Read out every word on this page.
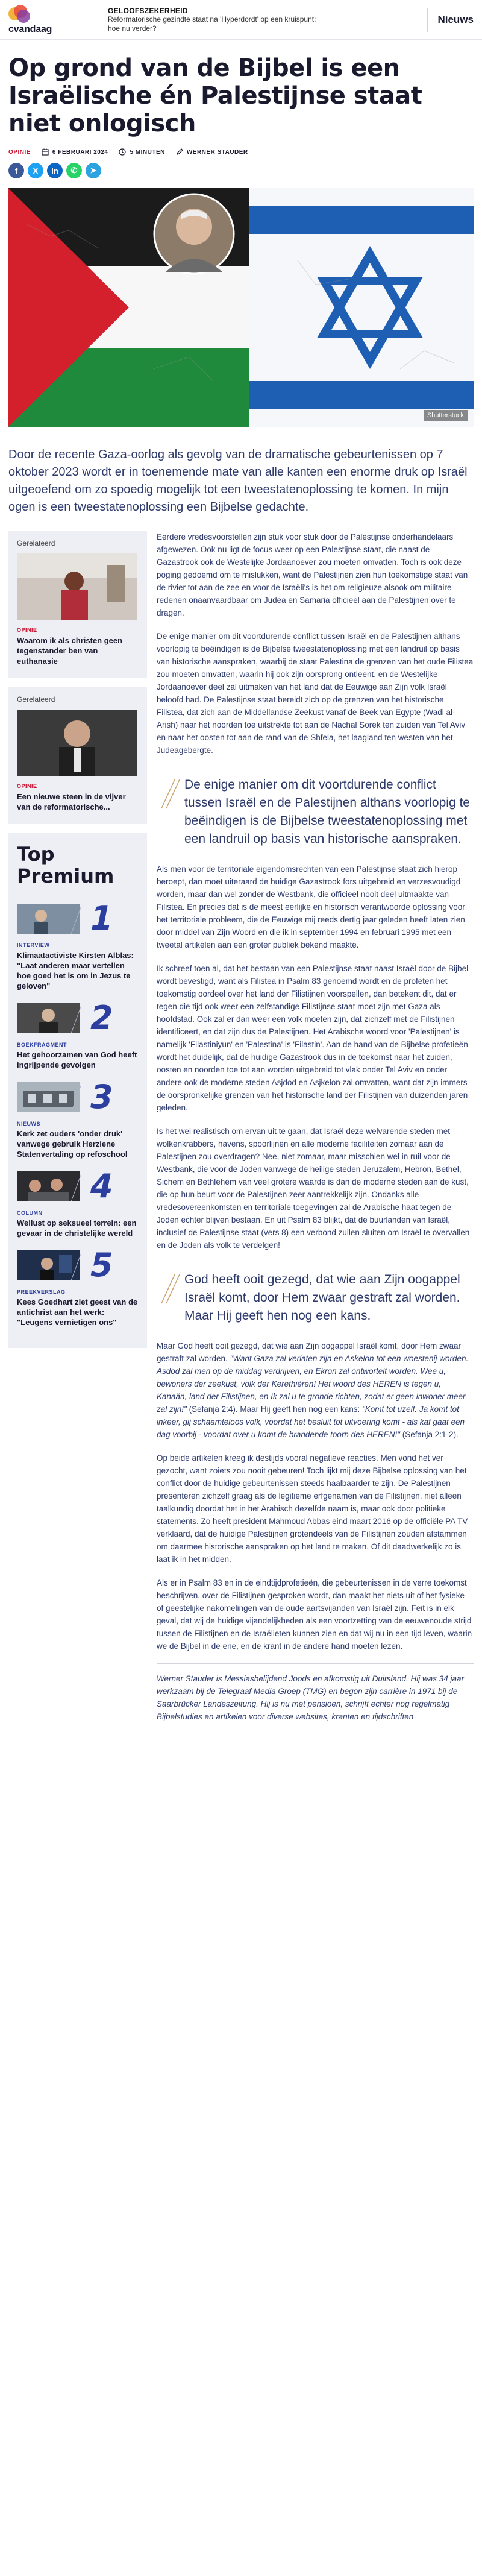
cvandaag
GELOOFSZEKERHEID
Reformatorische gezindte staat na 'Hyperdordt' op een kruispunt: hoe nu verder?
Nieuws
Op grond van de Bijbel is een Israëlische én Palestijnse staat niet onlogisch
OPINIE	6 FEBRUARI 2024	5 MINUTEN	WERNER STAUDER
f	X	in	✆	➤
Shutterstock
Door de recente Gaza-oorlog als gevolg van de dramatische gebeurtenissen op 7 oktober 2023 wordt er in toenemende mate van alle kanten een enorme druk op Israël uitgeoefend om zo spoedig mogelijk tot een tweestatenoplossing te komen. In mijn ogen is een tweestatenoplossing een Bijbelse gedachte.
Gerelateerd
OPINIE
Waarom ik als christen geen tegenstander ben van euthanasie
Gerelateerd
OPINIE
Een nieuwe steen in de vijver van de reformatorische...
Top Premium
1
INTERVIEW
Klimaatactiviste Kirsten Alblas: "Laat anderen maar vertellen hoe goed het is om in Jezus te geloven"
2
BOEKFRAGMENT
Het gehoorzamen van God heeft ingrijpende gevolgen
3
NIEUWS
Kerk zet ouders 'onder druk' vanwege gebruik Herziene Statenvertaling op refoschool
4
COLUMN
Wellust op seksueel terrein: een gevaar in de christelijke wereld
5
PREEKVERSLAG
Kees Goedhart ziet geest van de antichrist aan het werk: "Leugens vernietigen ons"

Eerdere vredesvoorstellen zijn stuk voor stuk door de Palestijnse onderhandelaars afgewezen. Ook nu ligt de focus weer op een Palestijnse staat, die naast de Gazastrook ook de Westelijke Jordaanoever zou moeten omvatten. Toch is ook deze poging gedoemd om te mislukken, want de Palestijnen zien hun toekomstige staat van de rivier tot aan de zee en voor de Israëli's is het om religieuze alsook om militaire redenen onaanvaardbaar om Judea en Samaria officieel aan de Palestijnen over te dragen.

De enige manier om dit voortdurende conflict tussen Israël en de Palestijnen althans voorlopig te beëindigen is de Bijbelse tweestatenoplossing met een landruil op basis van historische aanspraken, waarbij de staat Palestina de grenzen van het oude Filistea zou moeten omvatten, waarin hij ook zijn oorsprong ontleent, en de Westelijke Jordaanoever deel zal uitmaken van het land dat de Eeuwige aan Zijn volk Israël beloofd had. De Palestijnse staat bereidt zich op de grenzen van het historische Filistea, dat zich aan de Middellandse Zeekust vanaf de Beek van Egypte (Wadi al-Arish) naar het noorden toe uitstrekte tot aan de Nachal Sorek ten zuiden van Tel Aviv en naar het oosten tot aan de rand van de Shfela, het laagland ten westen van het Judeagebergte.

De enige manier om dit voortdurende conflict tussen Israël en de Palestijnen althans voorlopig te beëindigen is de Bijbelse tweestatenoplossing met een landruil op basis van historische aanspraken.

Als men voor de territoriale eigendomsrechten van een Palestijnse staat zich hierop beroept, dan moet uiteraard de huidige Gazastrook fors uitgebreid en verzesvoudigd worden, maar dan wel zonder de Westbank, die officieel nooit deel uitmaakte van Filistea. En precies dat is de meest eerlijke en historisch verantwoorde oplossing voor het territoriale probleem, die de Eeuwige mij reeds dertig jaar geleden heeft laten zien door middel van Zijn Woord en die ik in september 1994 en februari 1995 met een tweetal artikelen aan een groter publiek bekend maakte.

Ik schreef toen al, dat het bestaan van een Palestijnse staat naast Israël door de Bijbel wordt bevestigd, want als Filistea in Psalm 83 genoemd wordt en de profeten het toekomstig oordeel over het land der Filistijnen voorspellen, dan betekent dit, dat er tegen die tijd ook weer een zelfstandige Filistijnse staat moet zijn met Gaza als hoofdstad. Ook zal er dan weer een volk moeten zijn, dat zichzelf met de Filistijnen identificeert, en dat zijn dus de Palestijnen. Het Arabische woord voor 'Palestijnen' is namelijk 'Filastiniyun' en 'Palestina' is 'Filastin'. Aan de hand van de Bijbelse profetieën wordt het duidelijk, dat de huidige Gazastrook dus in de toekomst naar het zuiden, oosten en noorden toe tot aan worden uitgebreid tot vlak onder Tel Aviv en onder andere ook de moderne steden Asjdod en Asjkelon zal omvatten, want dat zijn immers de oorspronkelijke grenzen van het historische land der Filistijnen van duizenden jaren geleden.

Is het wel realistisch om ervan uit te gaan, dat Israël deze welvarende steden met wolkenkrabbers, havens, spoorlijnen en alle moderne faciliteiten zomaar aan de Palestijnen zou overdragen? Nee, niet zomaar, maar misschien wel in ruil voor de Westbank, die voor de Joden vanwege de heilige steden Jeruzalem, Hebron, Bethel, Sichem en Bethlehem van veel grotere waarde is dan de moderne steden aan de kust, die op hun beurt voor de Palestijnen zeer aantrekkelijk zijn. Ondanks alle vredesovereenkomsten en territoriale toegevingen zal de Arabische haat tegen de Joden echter blijven bestaan. En uit Psalm 83 blijkt, dat de buurlanden van Israël, inclusief de Palestijnse staat (vers 8) een verbond zullen sluiten om Israël te overvallen en de Joden als volk te verdelgen!

God heeft ooit gezegd, dat wie aan Zijn oogappel Israël komt, door Hem zwaar gestraft zal worden. Maar Hij geeft hen nog een kans.

Maar God heeft ooit gezegd, dat wie aan Zijn oogappel Israël komt, door Hem zwaar gestraft zal worden. "Want Gaza zal verlaten zijn en Askelon tot een woestenij worden. Asdod zal men op de middag verdrijven, en Ekron zal ontwortelt worden. Wee u, bewoners der zeekust, volk der Kerethiëren! Het woord des HEREN is tegen u, Kanaän, land der Filistijnen, en Ik zal u te gronde richten, zodat er geen inwoner meer zal zijn!" (Sefanja 2:4). Maar Hij geeft hen nog een kans: "Komt tot uzelf. Ja komt tot inkeer, gij schaamteloos volk, voordat het besluit tot uitvoering komt - als kaf gaat een dag voorbij - voordat over u komt de brandende toorn des HEREN!" (Sefanja 2:1-2).

Op beide artikelen kreeg ik destijds vooral negatieve reacties. Men vond het ver gezocht, want zoiets zou nooit gebeuren! Toch lijkt mij deze Bijbelse oplossing van het conflict door de huidige gebeurtenissen steeds haalbaarder te zijn. De Palestijnen presenteren zichzelf graag als de legitieme erfgenamen van de Filistijnen, niet alleen taalkundig doordat het in het Arabisch dezelfde naam is, maar ook door politieke statements. Zo heeft president Mahmoud Abbas eind maart 2016 op de officiële PA TV verklaard, dat de huidige Palestijnen grotendeels van de Filistijnen zouden afstammen om daarmee historische aanspraken op het land te maken. Of dit daadwerkelijk zo is laat ik in het midden.

Als er in Psalm 83 en in de eindtijdprofetieën, die gebeurtenissen in de verre toekomst beschrijven, over de Filistijnen gesproken wordt, dan maakt het niets uit of het fysieke of geestelijke nakomelingen van de oude aartsvijanden van Israël zijn. Feit is in elk geval, dat wij de huidige vijandelijkheden als een voortzetting van de eeuwenoude strijd tussen de Filistijnen en de Israëlieten kunnen zien en dat wij nu in een tijd leven, waarin we de Bijbel in de ene, en de krant in de andere hand moeten lezen.

Werner Stauder is Messiasbelijdend Joods en afkomstig uit Duitsland. Hij was 34 jaar werkzaam bij de Telegraaf Media Groep (TMG) en begon zijn carrière in 1971 bij de Saarbrücker Landeszeitung. Hij is nu met pensioen, schrijft echter nog regelmatig Bijbelstudies en artikelen voor diverse websites, kranten en tijdschriften
